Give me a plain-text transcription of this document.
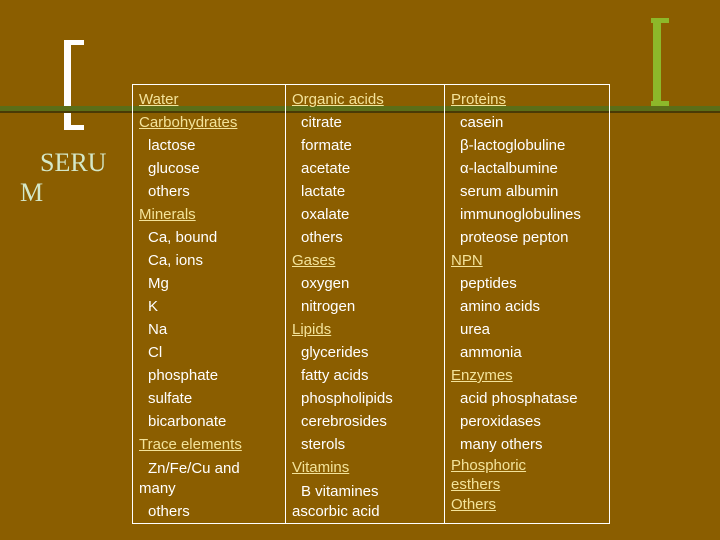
SERU
M
Water
Carbohydrates
lactose
glucose
others
Minerals
Ca, bound
Ca, ions
Mg
K
Na
Cl
phosphate
sulfate
bicarbonate
Trace elements
Zn/Fe/Cu and
many
others

Organic acids
citrate
formate
acetate
lactate
oxalate
others
Gases
oxygen
nitrogen
Lipids
glycerides
fatty acids
phospholipids
cerebrosides
sterols
Vitamins
B vitamines
ascorbic acid

Proteins
casein
β-lactoglobuline
α-lactalbumine
serum albumin
immunoglobulines
proteose pepton
NPN
peptides
amino acids
urea
ammonia
Enzymes
acid phosphatase
peroxidases
many others
Phosphoric
esthers
Others
